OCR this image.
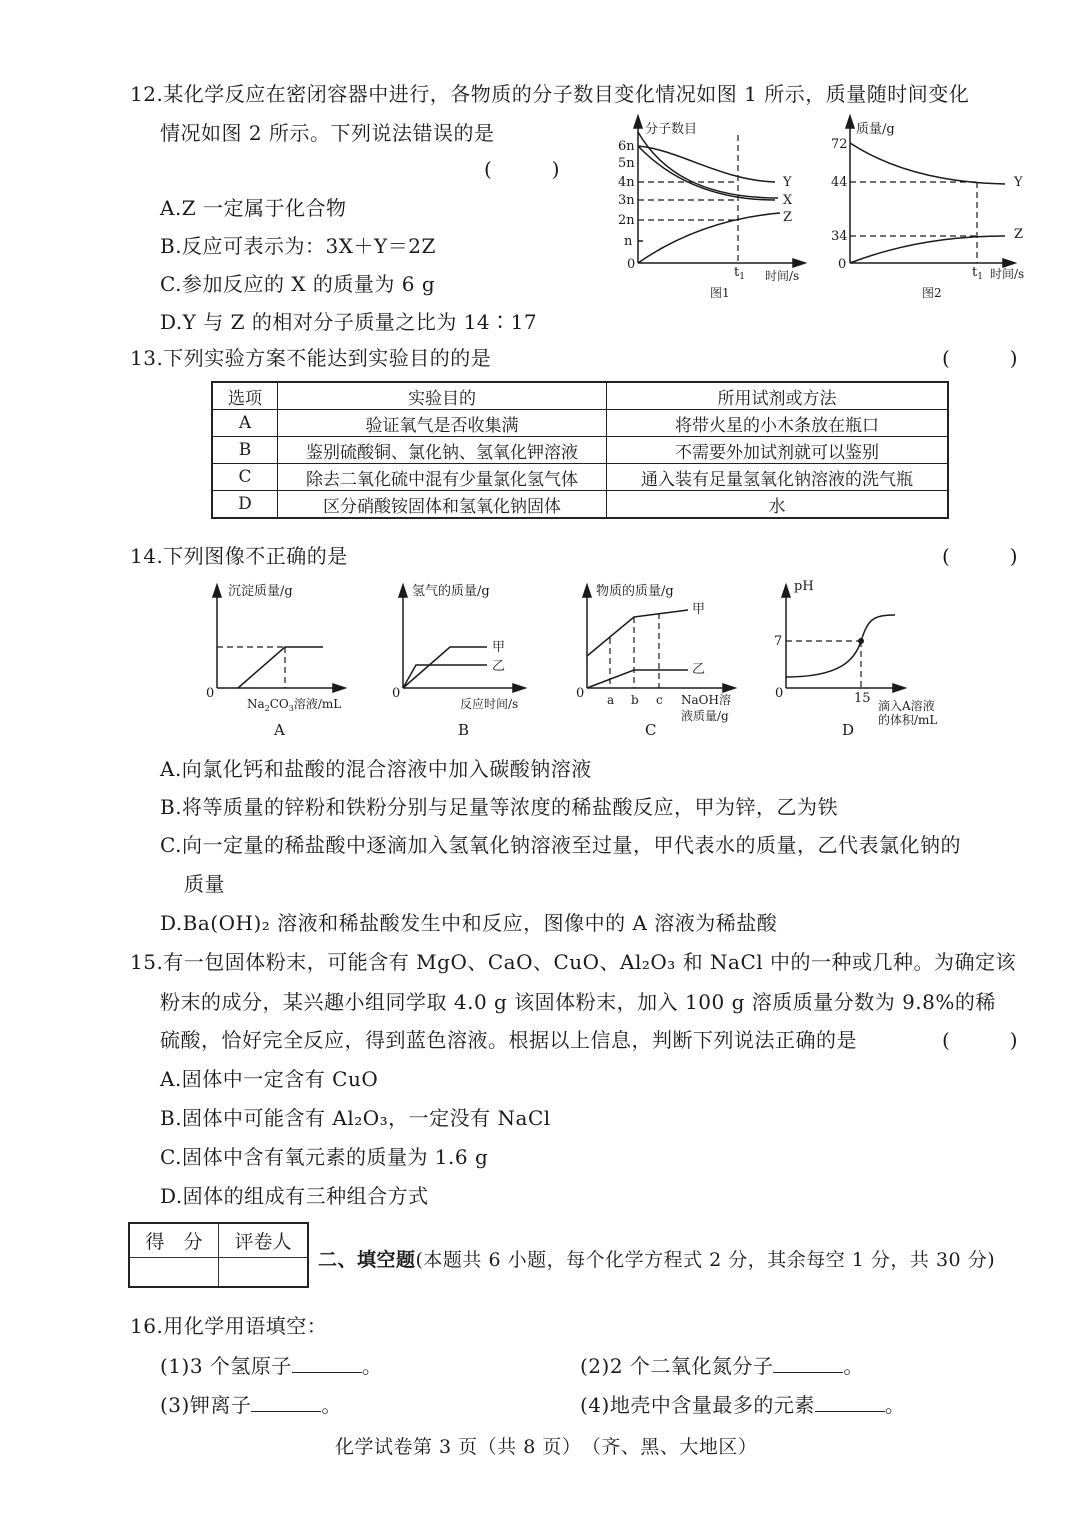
12.某化学反应在密闭容器中进行，各物质的分子数目变化情况如图 1 所示，质量随时间变化
情况如图 2 所示。下列说法错误的是
(　　　)
A.Z 一定属于化合物
B.反应可表示为：3X＋Y＝2Z
C.参加反应的 X 的质量为 6 g
D.Y 与 Z 的相对分子质量之比为 14∶17
分子数目
6n
5n
4n
3n
2n
n
0
Y
X
Z
$t_1$ 时间/s
图1
质量/g
72
44
34
0
Y
Z
$t_1$ 时间/s
图2
13.下列实验方案不能达到实验目的的是	(　　　)
选项	实验目的	所用试剂或方法
A	验证氧气是否收集满	将带火星的小木条放在瓶口
B	鉴别硫酸铜、氯化钠、氢氧化钾溶液	不需要外加试剂就可以鉴别
C	除去二氧化硫中混有少量氯化氢气体	通入装有足量氢氧化钠溶液的洗气瓶
D	区分硝酸铵固体和氢氧化钠固体	水
14.下列图像不正确的是	(　　　)
沉淀质量/g
0
$Na_2CO_3$溶液/mL
A
氢气的质量/g
0
甲
乙
反应时间/s
B
物质的质量/g
0
甲
乙
a b c NaOH溶
液质量/g
C
pH
7
0	15 滴入A溶液
的体积/mL
D
A.向氯化钙和盐酸的混合溶液中加入碳酸钠溶液
B.将等质量的锌粉和铁粉分别与足量等浓度的稀盐酸反应，甲为锌，乙为铁
C.向一定量的稀盐酸中逐滴加入氢氧化钠溶液至过量，甲代表水的质量，乙代表氯化钠的
质量
D.Ba(OH)₂ 溶液和稀盐酸发生中和反应，图像中的 A 溶液为稀盐酸
15.有一包固体粉末，可能含有 MgO、CaO、CuO、Al₂O₃ 和 NaCl 中的一种或几种。为确定该
粉末的成分，某兴趣小组同学取 4.0 g 该固体粉末，加入 100 g 溶质质量分数为 9.8%的稀
硫酸，恰好完全反应，得到蓝色溶液。根据以上信息，判断下列说法正确的是	(　　　)
A.固体中一定含有 CuO
B.固体中可能含有 Al₂O₃，一定没有 NaCl
C.固体中含有氧元素的质量为 1.6 g
D.固体的组成有三种组合方式
得　分	评卷人

二、填空题(本题共 6 小题，每个化学方程式 2 分，其余每空 1 分，共 30 分)
16.用化学用语填空：
(1)3 个氢原子	。	(2)2 个二氧化氮分子	。
(3)钾离子	。	(4)地壳中含量最多的元素	。
化学试卷第 3 页（共 8 页）　（齐、黑、大地区）
